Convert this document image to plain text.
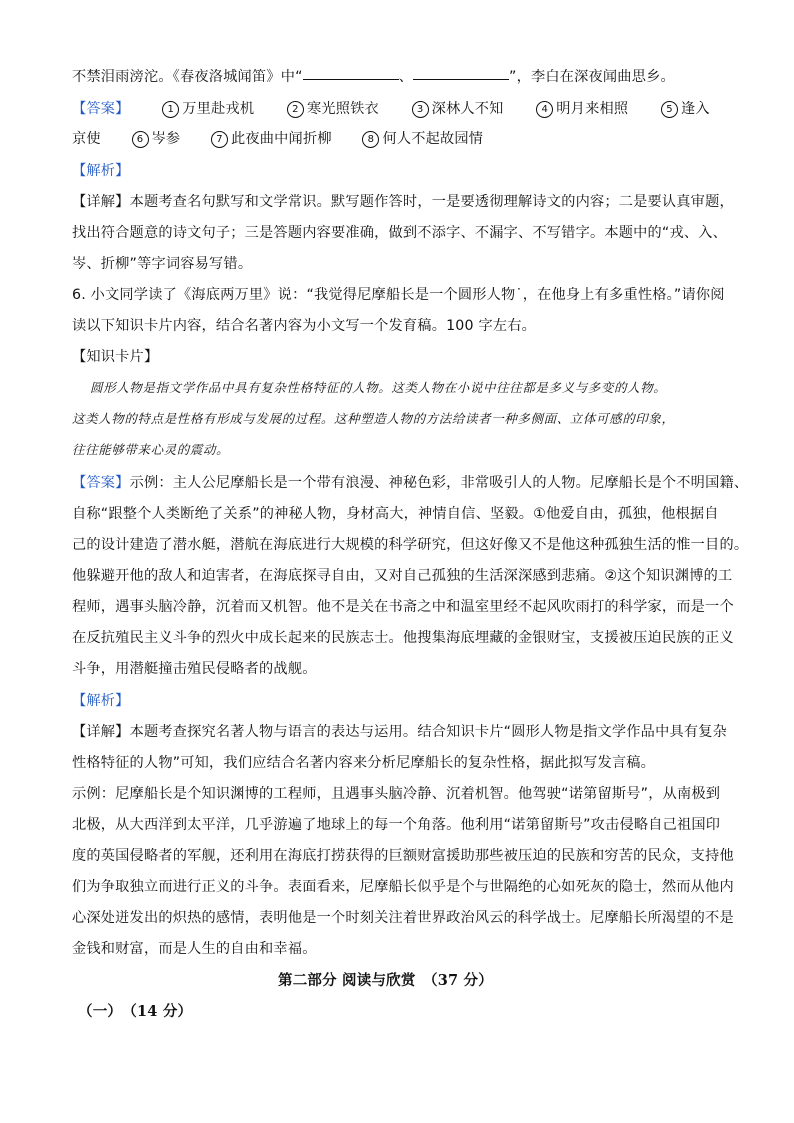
不禁泪雨滂沱。《春夜洛城闻笛》中“	、	”，李白在深夜闻曲思乡。
【答案】	1 万里赴戎机	2 寒光照铁衣	3 深林人不知	4 明月来相照	5 逢入
京使	6 岑参	7 此夜曲中闻折柳	8 何人不起故园情
【解析】
【详解】本题考查名句默写和文学常识。默写题作答时，一是要透彻理解诗文的内容；二是要认真审题，
找出符合题意的诗文句子；三是答题内容要准确，做到不添字、不漏字、不写错字。本题中的“戎、入、
岑、折柳”等字词容易写错。
6. 小文同学读了《海底两万里》说：“我觉得尼摩船长是一个圆形人物˙，在他身上有多重性格。”请你阅
读以下知识卡片内容，结合名著内容为小文写一个发育稿。100 字左右。
【知识卡片】
圆形人物是指文学作品中具有复杂性格特征的人物。这类人物在小说中往往都是多义与多变的人物。
这类人物的特点是性格有形成与发展的过程。这种塑造人物的方法给读者一种多侧面、立体可感的印象，
往往能够带来心灵的震动。
【答案】示例：主人公尼摩船长是一个带有浪漫、神秘色彩，非常吸引人的人物。尼摩船长是个不明国籍、
自称“跟整个人类断绝了关系”的神秘人物，身材高大，神情自信、坚毅。①他爱自由，孤独，他根据自
己的设计建造了潜水艇，潜航在海底进行大规模的科学研究，但这好像又不是他这种孤独生活的惟一目的。
他躲避开他的敌人和迫害者，在海底探寻自由，又对自己孤独的生活深深感到悲痛。②这个知识渊博的工
程师，遇事头脑冷静，沉着而又机智。他不是关在书斋之中和温室里经不起风吹雨打的科学家，而是一个
在反抗殖民主义斗争的烈火中成长起来的民族志士。他搜集海底埋藏的金银财宝，支援被压迫民族的正义
斗争，用潜艇撞击殖民侵略者的战舰。
【解析】
【详解】本题考查探究名著人物与语言的表达与运用。结合知识卡片“圆形人物是指文学作品中具有复杂
性格特征的人物”可知，我们应结合名著内容来分析尼摩船长的复杂性格，据此拟写发言稿。
示例：尼摩船长是个知识渊博的工程师，且遇事头脑冷静、沉着机智。他驾驶“诺第留斯号”，从南极到
北极，从大西洋到太平洋，几乎游遍了地球上的每一个角落。他利用“诺第留斯号”攻击侵略自己祖国印
度的英国侵略者的军舰，还利用在海底打捞获得的巨额财富援助那些被压迫的民族和穷苦的民众，支持他
们为争取独立而进行正义的斗争。表面看来，尼摩船长似乎是个与世隔绝的心如死灰的隐士，然而从他内
心深处迸发出的炽热的感情，表明他是一个时刻关注着世界政治风云的科学战士。尼摩船长所渴望的不是
金钱和财富，而是人生的自由和幸福。
第二部分 阅读与欣赏　（37 分）
（一）　（14 分）
